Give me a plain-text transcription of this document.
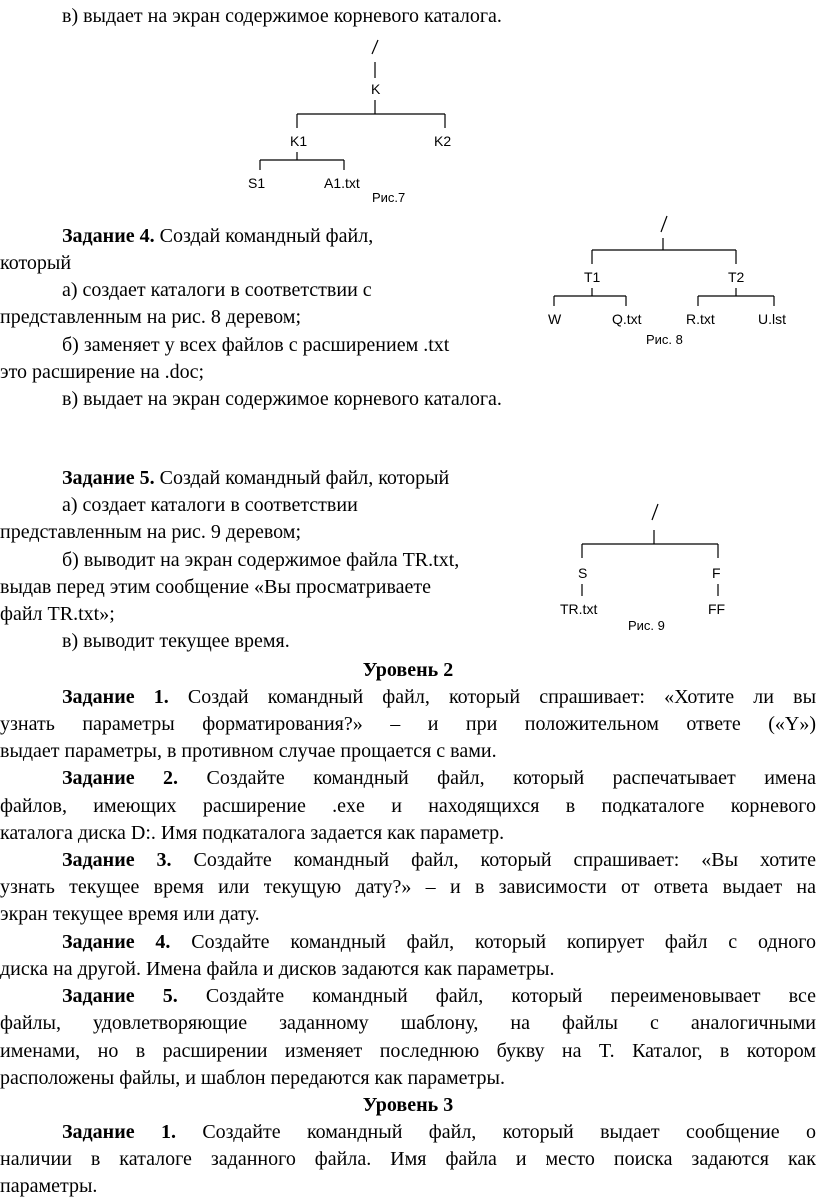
в) выдает на экран содержимое корневого каталога.
K
K1	K2
S1	A1.txt
Рис.7
Задание 4. Создай командный файл,
который
а) создает каталоги в соответствии с
представленным на рис. 8 деревом;
б) заменяет у всех файлов с расширением .txt
это расширение на .doc;
в) выдает на экран содержимое корневого каталога.
T1	T2
W	Q.txt	R.txt	U.lst
Рис. 8
Задание 5. Создай командный файл, который
а) создает каталоги в соответствии
представленным на рис. 9 деревом;
б) выводит на экран содержимое файла TR.txt,
выдав перед этим сообщение «Вы просматриваете
файл TR.txt»;
в) выводит текущее время.
S	F
TR.txt	FF
Рис. 9
Уровень 2
Задание 1. Создай командный файл, который спрашивает: «Хотите ли вы
узнать параметры форматирования?» – и при положительном ответе («Y»)
выдает параметры, в противном случае прощается с вами.
Задание 2. Создайте командный файл, который распечатывает имена
файлов, имеющих расширение .exe и находящихся в подкаталоге корневого
каталога диска D:. Имя подкаталога задается как параметр.
Задание 3. Создайте командный файл, который спрашивает: «Вы хотите
узнать текущее время или текущую дату?» – и в зависимости от ответа выдает на
экран текущее время или дату.
Задание 4. Создайте командный файл, который копирует файл с одного
диска на другой. Имена файла и дисков задаются как параметры.
Задание 5. Создайте командный файл, который переименовывает все
файлы, удовлетворяющие заданному шаблону, на файлы с аналогичными
именами, но в расширении изменяет последнюю букву на T. Каталог, в котором
расположены файлы, и шаблон передаются как параметры.
Уровень 3
Задание 1. Создайте командный файл, который выдает сообщение о
наличии в каталоге заданного файла. Имя файла и место поиска задаются как
параметры.
